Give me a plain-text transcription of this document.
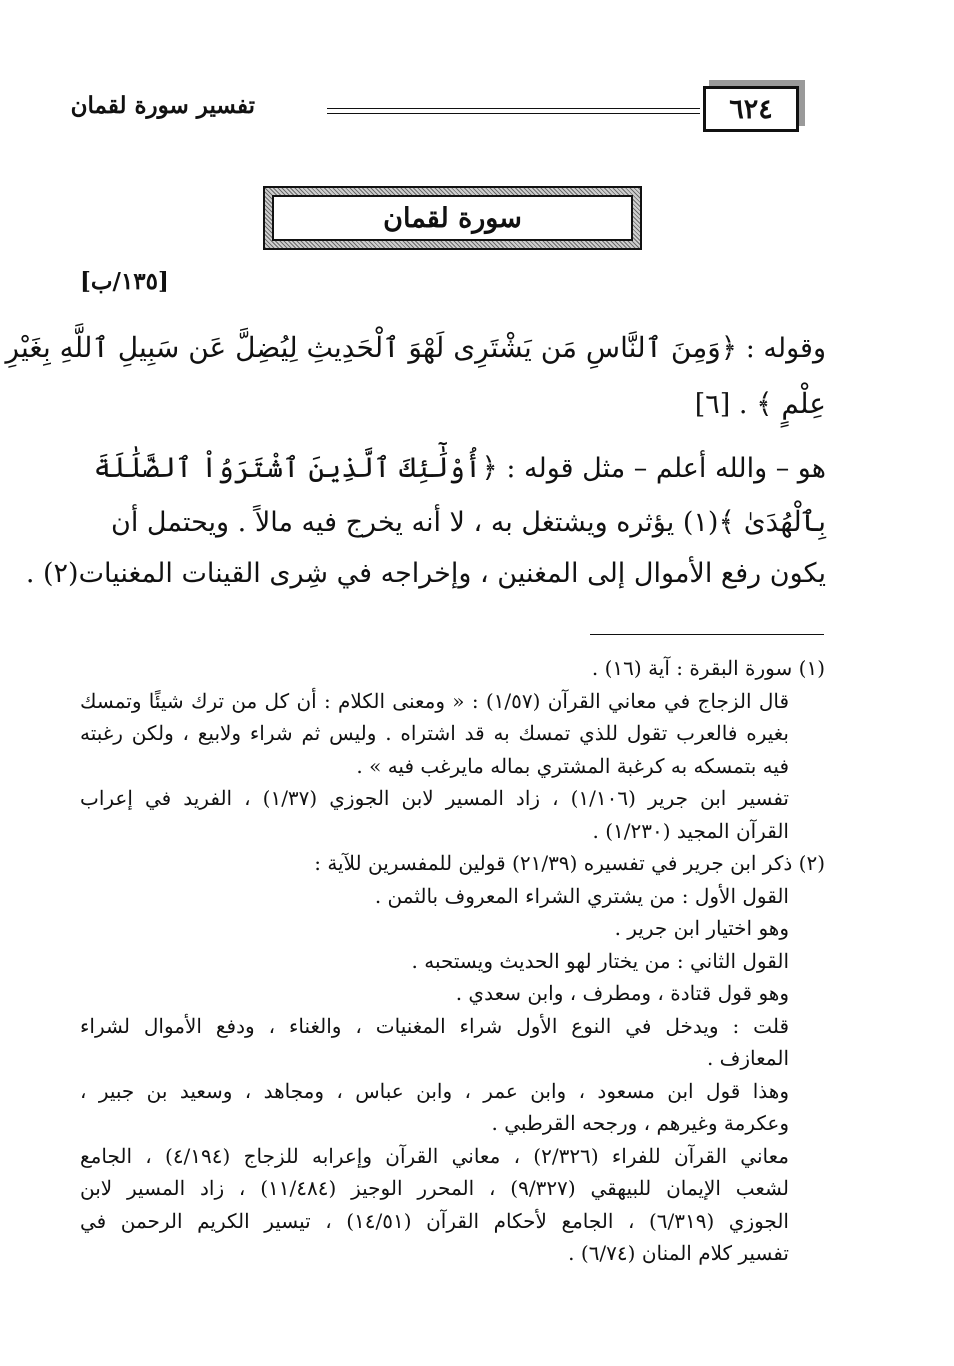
٦٢٤
تفسير سورة لقمان
سورة لقمان
[١٣٥/ب]
وقوله : ﴿وَمِنَ ٱلنَّاسِ مَن يَشْتَرِى لَهْوَ ٱلْحَدِيثِ لِيُضِلَّ عَن سَبِيلِ ٱللَّهِ بِغَيْرِ
عِلْمٍ ﴾ . [٦]
هو – والله أعلم – مثل قوله : ﴿أُوْلَٰٓئِكَ ٱلَّذِينَ ٱشْتَرَوُاْ ٱلضَّلَٰلَةَ
بِٱلْهُدَىٰ ﴾(١) يؤثره ويشتغل به ، لا أنه يخرج فيه مالاً . ويحتمل أن
يكون رفع الأموال إلى المغنين ، وإخراجه في شِرى القينات المغنيات(٢) .
(١) سورة البقرة : آية (١٦) .
قال الزجاج في معاني القرآن (١/٥٧) : « ومعنى الكلام : أن كل من ترك شيئًا وتمسك
بغيره فالعرب تقول للذي تمسك به قد اشتراه . وليس ثم شراء ولابيع ، ولكن رغبته
فيه بتمسكه به كرغبة المشتري بماله مايرغب فيه » .
تفسير ابن جرير (١/١٠٦) ، زاد المسير لابن الجوزي (١/٣٧) ، الفريد في إعراب
القرآن المجيد (١/٢٣٠) .
(٢) ذكر ابن جرير في تفسيره (٢١/٣٩) قولين للمفسرين للآية :
القول الأول : من يشتري الشراء المعروف بالثمن .
وهو اختيار ابن جرير .
القول الثاني : من يختار لهو الحديث ويستحبه .
وهو قول قتادة ، ومطرف ، وابن سعدي .
قلت : ويدخل في النوع الأول شراء المغنيات ، والغناء ، ودفع الأموال لشراء
المعازف .
وهذا قول ابن مسعود ، وابن عمر ، وابن عباس ، ومجاهد ، وسعيد بن جبير ،
وعكرمة وغيرهم ، ورجحه القرطبي .
معاني القرآن للفراء (٢/٣٢٦) ، معاني القرآن وإعرابه للزجاج (٤/١٩٤) ، الجامع
لشعب الإيمان للبيهقي (٩/٣٢٧) ، المحرر الوجيز (١١/٤٨٤) ، زاد المسير لابن
الجوزي (٦/٣١٩) ، الجامع لأحكام القرآن (١٤/٥١) ، تيسير الكريم الرحمن في
تفسير كلام المنان (٦/٧٤) .
